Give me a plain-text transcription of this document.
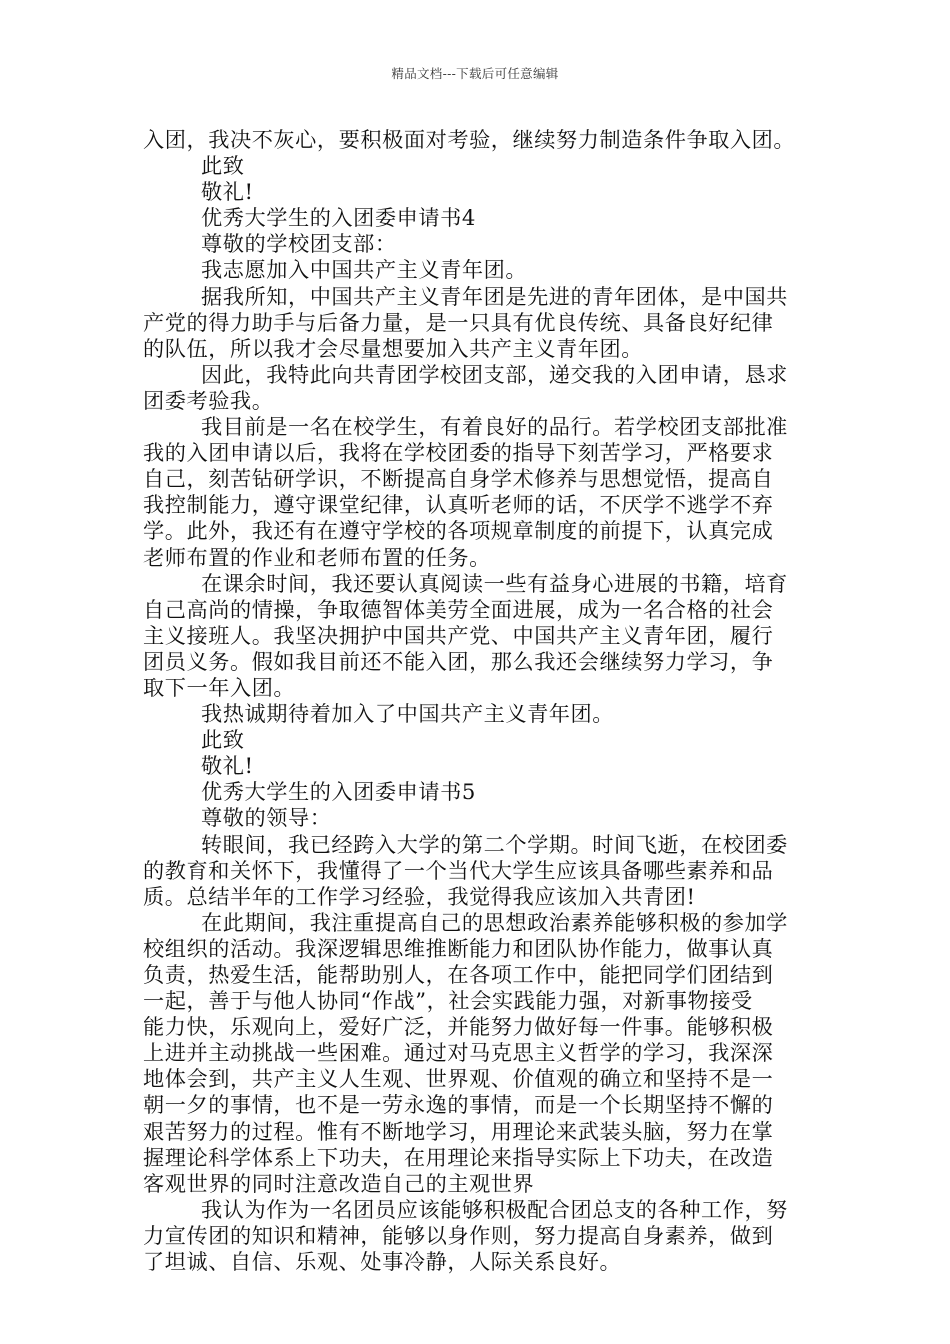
精品文档---下载后可任意编辑
入团，我决不灰心，要积极面对考验，继续努力制造条件争取入团。
此致
敬礼!
优秀大学生的入团委申请书4
尊敬的学校团支部：
我志愿加入中国共产主义青年团。
据我所知，中国共产主义青年团是先进的青年团体，是中国共
产党的得力助手与后备力量，是一只具有优良传统、具备良好纪律
的队伍，所以我才会尽量想要加入共产主义青年团。
因此，我特此向共青团学校团支部，递交我的入团申请，恳求
团委考验我。
我目前是一名在校学生，有着良好的品行。若学校团支部批准
我的入团申请以后，我将在学校团委的指导下刻苦学习，严格要求
自己，刻苦钻研学识，不断提高自身学术修养与思想觉悟，提高自
我控制能力，遵守课堂纪律，认真听老师的话，不厌学不逃学不弃
学。此外，我还有在遵守学校的各项规章制度的前提下，认真完成
老师布置的作业和老师布置的任务。
在课余时间，我还要认真阅读一些有益身心进展的书籍，培育
自己高尚的情操，争取德智体美劳全面进展，成为一名合格的社会
主义接班人。我坚决拥护中国共产党、中国共产主义青年团，履行
团员义务。假如我目前还不能入团，那么我还会继续努力学习，争
取下一年入团。
我热诚期待着加入了中国共产主义青年团。
此致
敬礼!
优秀大学生的入团委申请书5
尊敬的领导：
转眼间，我已经跨入大学的第二个学期。时间飞逝，在校团委
的教育和关怀下，我懂得了一个当代大学生应该具备哪些素养和品
质。总结半年的工作学习经验，我觉得我应该加入共青团!
在此期间，我注重提高自己的思想政治素养能够积极的参加学
校组织的活动。我深逻辑思维推断能力和团队协作能力，做事认真
负责，热爱生活，能帮助别人，在各项工作中，能把同学们团结到
一起，善于与他人协同“作战”，社会实践能力强，对新事物接受
能力快，乐观向上，爱好广泛，并能努力做好每一件事。能够积极
上进并主动挑战一些困难。通过对马克思主义哲学的学习，我深深
地体会到，共产主义人生观、世界观、价值观的确立和坚持不是一
朝一夕的事情，也不是一劳永逸的事情，而是一个长期坚持不懈的
艰苦努力的过程。惟有不断地学习，用理论来武装头脑，努力在掌
握理论科学体系上下功夫，在用理论来指导实际上下功夫，在改造
客观世界的同时注意改造自己的主观世界
我认为作为一名团员应该能够积极配合团总支的各种工作，努
力宣传团的知识和精神，能够以身作则，努力提高自身素养，做到
了坦诚、自信、乐观、处事冷静，人际关系良好。
